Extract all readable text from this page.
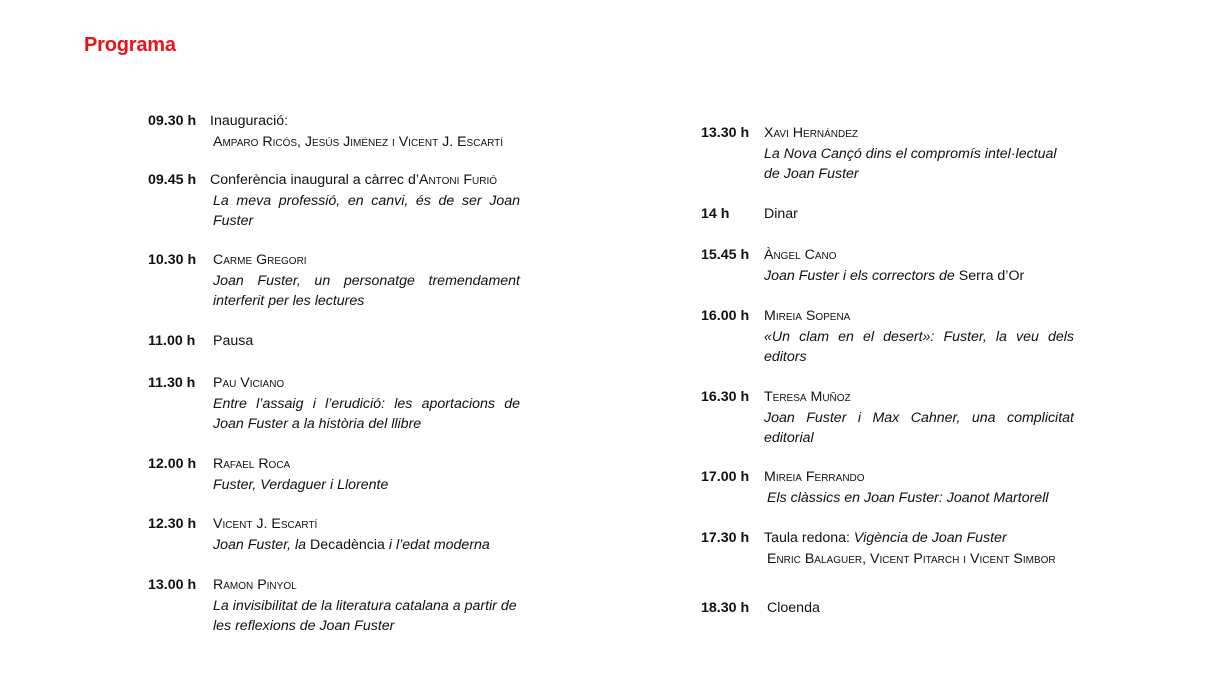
Programa
09.30 h Inauguració:
Amparo Ricós, Jesús Jiménez i Vicent J. Escartí
09.45 h Conferència inaugural a càrrec d’Antoni Furió
La meva professió, en canvi, és de ser Joan Fuster
10.30 h	Carme Gregori
Joan Fuster, un personatge tremendament interferit per les lectures
11.00 h	Pausa
11.30 h	Pau Viciano
Entre l’assaig i l’erudició: les aportacions de Joan Fuster a la història del llibre
12.00 h	Rafael Roca
Fuster, Verdaguer i Llorente
12.30 h	Vicent J. Escartí
Joan Fuster, la Decadència i l’edat moderna
13.00 h	Ramon Pinyol
La invisibilitat de la literatura catalana a partir de les reflexions de Joan Fuster
13.30 h	Xavi Hernández
La Nova Cançó dins el compromís intel·lectual de Joan Fuster
14 h	Dinar
15.45 h	Àngel Cano
Joan Fuster i els correctors de Serra d’Or
16.00 h	Mireia Sopena
«Un clam en el desert»: Fuster, la veu dels editors
16.30 h	Teresa Muñoz
Joan Fuster i Max Cahner, una complicitat editorial
17.00 h	Mireia Ferrando
Els clàssics en Joan Fuster: Joanot Martorell
17.30 h	Taula redona: Vigència de Joan Fuster
Enric Balaguer, Vicent Pitarch i Vicent Simbor
18.30 h	Cloenda
